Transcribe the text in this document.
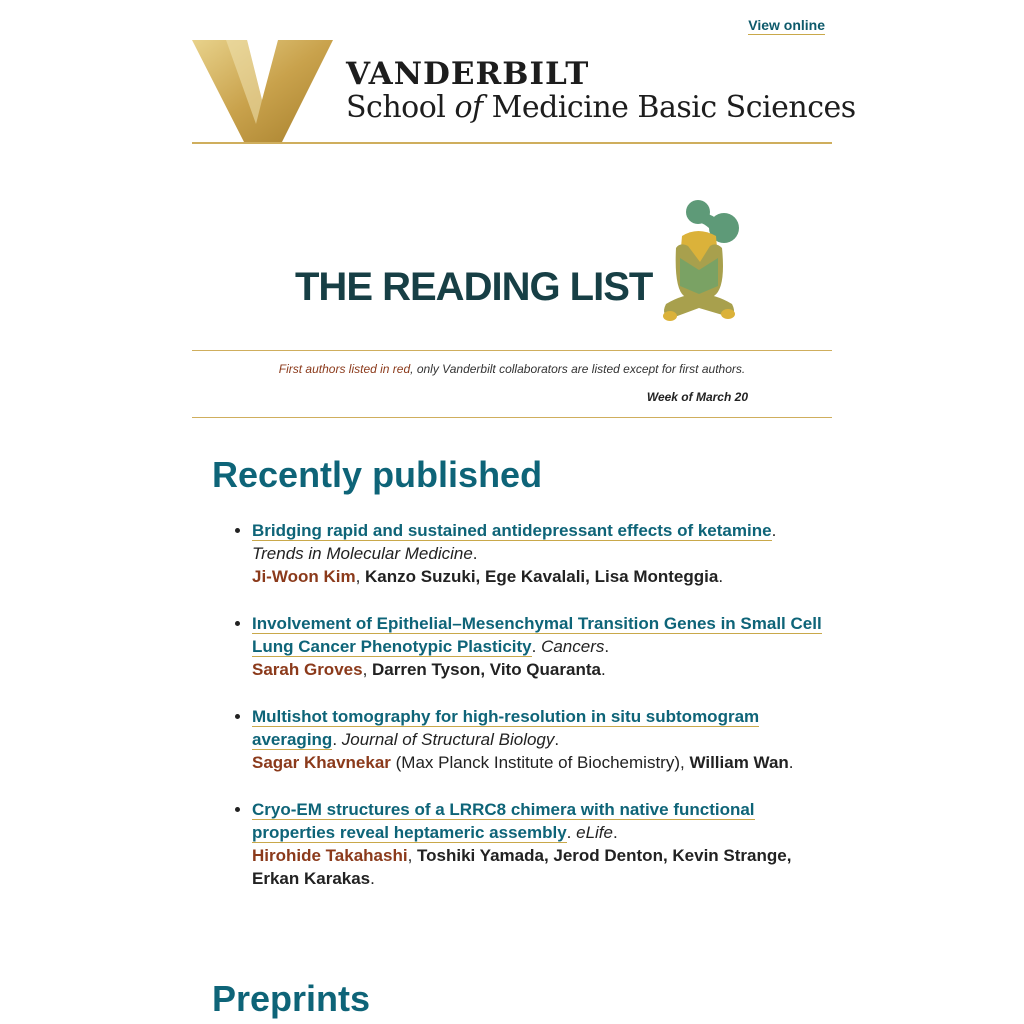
View online
VANDERBILT
School of Medicine Basic Sciences
THE READING LIST
First authors listed in red, only Vanderbilt collaborators are listed except for first authors.
Week of March 20
Recently published
• Bridging rapid and sustained antidepressant effects of ketamine. Trends in Molecular Medicine.
Ji-Woon Kim, Kanzo Suzuki, Ege Kavalali, Lisa Monteggia.
• Involvement of Epithelial–Mesenchymal Transition Genes in Small Cell Lung Cancer Phenotypic Plasticity. Cancers.
Sarah Groves, Darren Tyson, Vito Quaranta.
• Multishot tomography for high-resolution in situ subtomogram averaging. Journal of Structural Biology.
Sagar Khavnekar (Max Planck Institute of Biochemistry), William Wan.
• Cryo-EM structures of a LRRC8 chimera with native functional properties reveal heptameric assembly. eLife.
Hirohide Takahashi, Toshiki Yamada, Jerod Denton, Kevin Strange, Erkan Karakas.
Preprints
